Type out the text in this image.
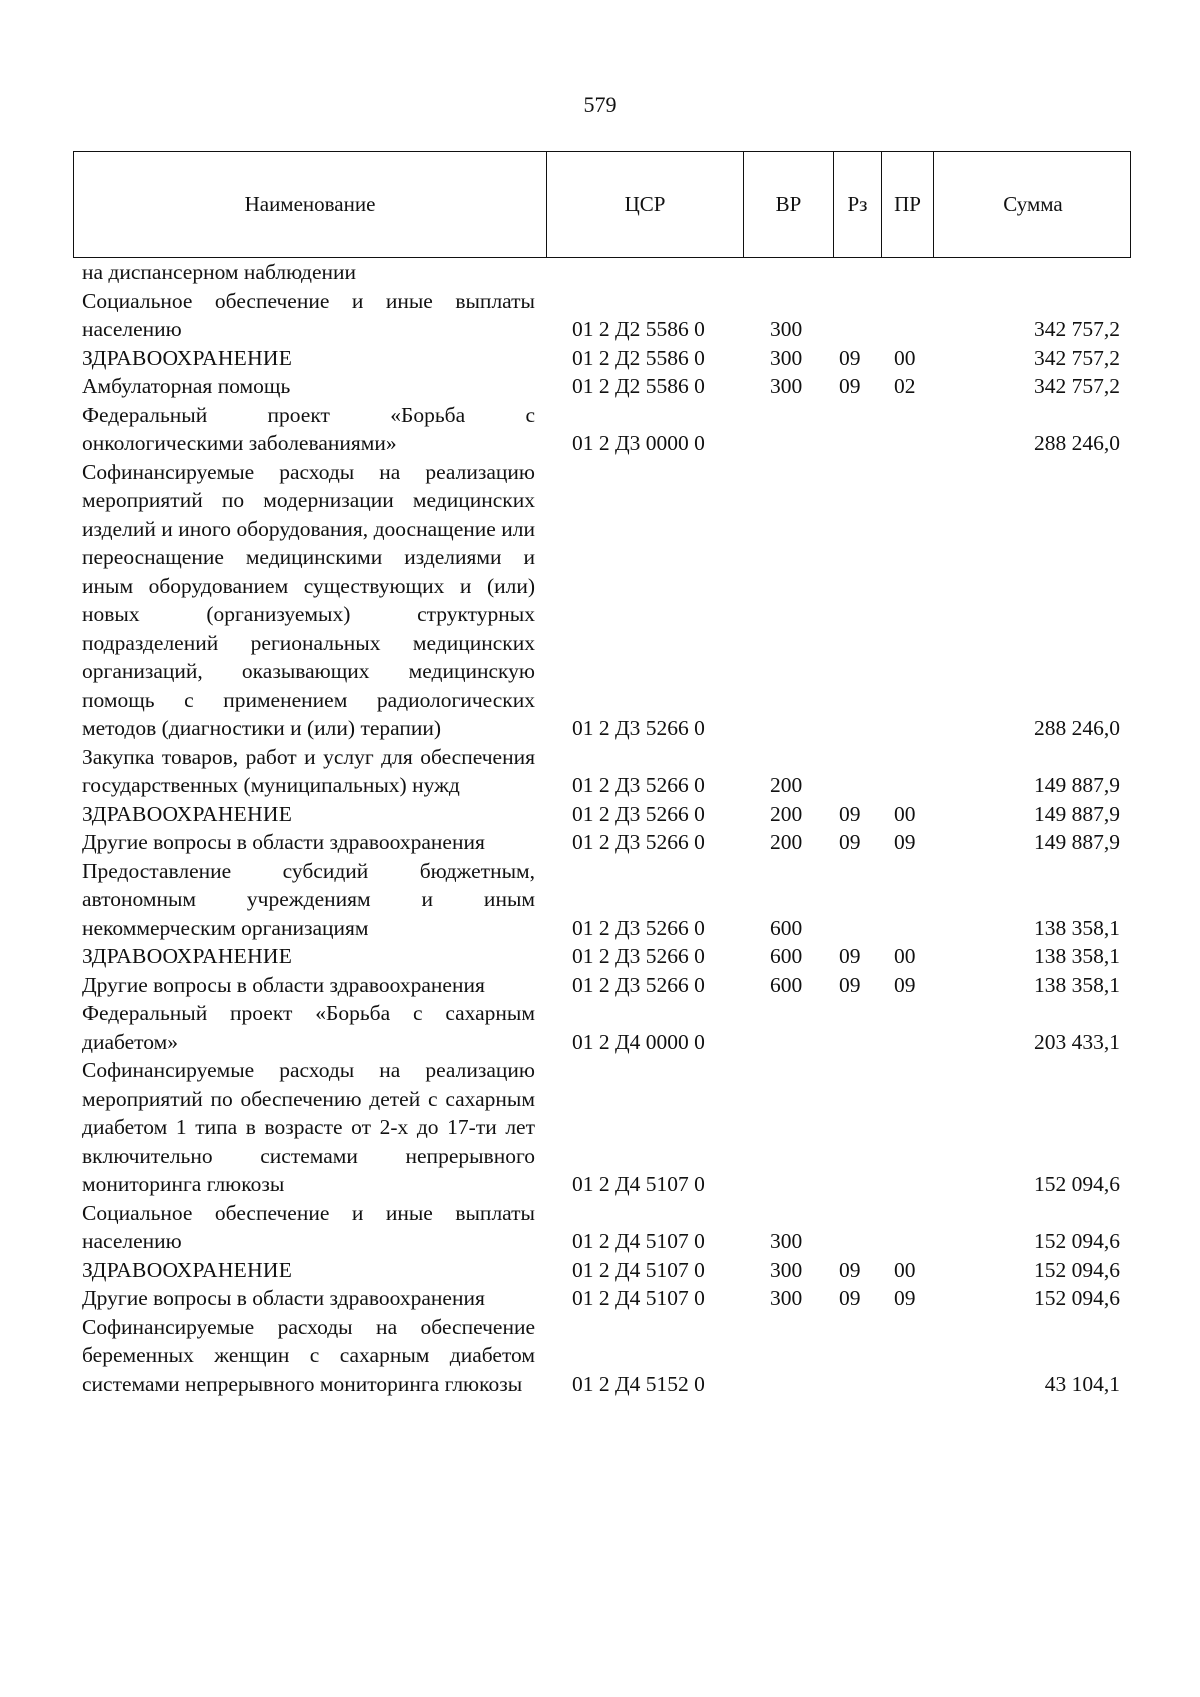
579
Наименование	ЦСР	ВР	Рз	ПР	Сумма
на диспансерном наблюдении
Социальное обеспечение и иные выплаты населению	01 2 Д2 5586 0	300	342 757,2
ЗДРАВООХРАНЕНИЕ	01 2 Д2 5586 0	300 09 00	342 757,2
Амбулаторная помощь	01 2 Д2 5586 0	300 09 02	342 757,2
Федеральный проект «Борьба с онкологическими заболеваниями»	01 2 Д3 0000 0	288 246,0
Софинансируемые расходы на реализацию мероприятий по модернизации медицинских изделий и иного оборудования, дооснащение или переоснащение медицинскими изделиями и иным оборудованием существующих и (или) новых (организуемых) структурных подразделений региональных медицинских организаций, оказывающих медицинскую помощь с применением радиологических методов (диагностики и (или) терапии)	01 2 Д3 5266 0	288 246,0
Закупка товаров, работ и услуг для обеспечения государственных (муниципальных) нужд	01 2 Д3 5266 0	200	149 887,9
ЗДРАВООХРАНЕНИЕ	01 2 Д3 5266 0	200 09 00	149 887,9
Другие вопросы в области здравоохранения	01 2 Д3 5266 0	200 09 09	149 887,9
Предоставление субсидий бюджетным, автономным учреждениям и иным некоммерческим организациям	01 2 Д3 5266 0	600	138 358,1
ЗДРАВООХРАНЕНИЕ	01 2 Д3 5266 0	600 09 00	138 358,1
Другие вопросы в области здравоохранения	01 2 Д3 5266 0	600 09 09	138 358,1
Федеральный проект «Борьба с сахарным диабетом»	01 2 Д4 0000 0	203 433,1
Софинансируемые расходы на реализацию мероприятий по обеспечению детей с сахарным диабетом 1 типа в возрасте от 2-х до 17-ти лет включительно системами непрерывного мониторинга глюкозы	01 2 Д4 5107 0	152 094,6
Социальное обеспечение и иные выплаты населению	01 2 Д4 5107 0	300	152 094,6
ЗДРАВООХРАНЕНИЕ	01 2 Д4 5107 0	300 09 00	152 094,6
Другие вопросы в области здравоохранения	01 2 Д4 5107 0	300 09 09	152 094,6
Софинансируемые расходы на обеспечение беременных женщин с сахарным диабетом системами непрерывного мониторинга глюкозы	01 2 Д4 5152 0	43 104,1
